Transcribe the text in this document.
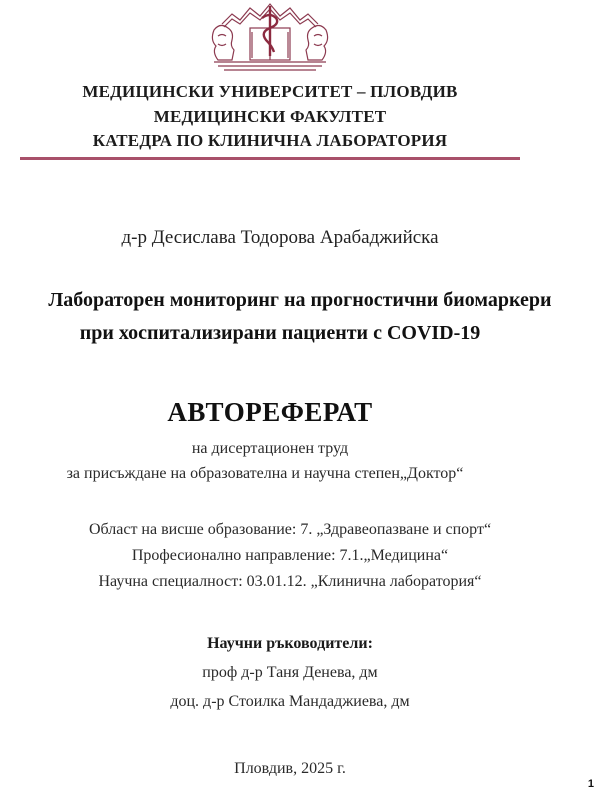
МЕДИЦИНСКИ УНИВЕРСИТЕТ – ПЛОВДИВ
МЕДИЦИНСКИ ФАКУЛТЕТ
КАТЕДРА ПО КЛИНИЧНА ЛАБОРАТОРИЯ
д-р Десислава Тодорова Арабаджийска
Лабораторен мониторинг на прогностични биомаркери
при хоспитализирани пациенти с COVID-19
АВТОРЕФЕРАТ
на дисертационен труд
за присъждане на образователна и научна степен„Доктор“
Област на висше образование: 7. „Здравеопазване и спорт“
Професионално направление: 7.1.„Медицина“
Научна специалност: 03.01.12. „Клинична лаборатория“
Научни ръководители:
проф д-р Таня Денева, дм
доц. д-р Стоилка Мандаджиева, дм
Пловдив, 2025 г.
1
